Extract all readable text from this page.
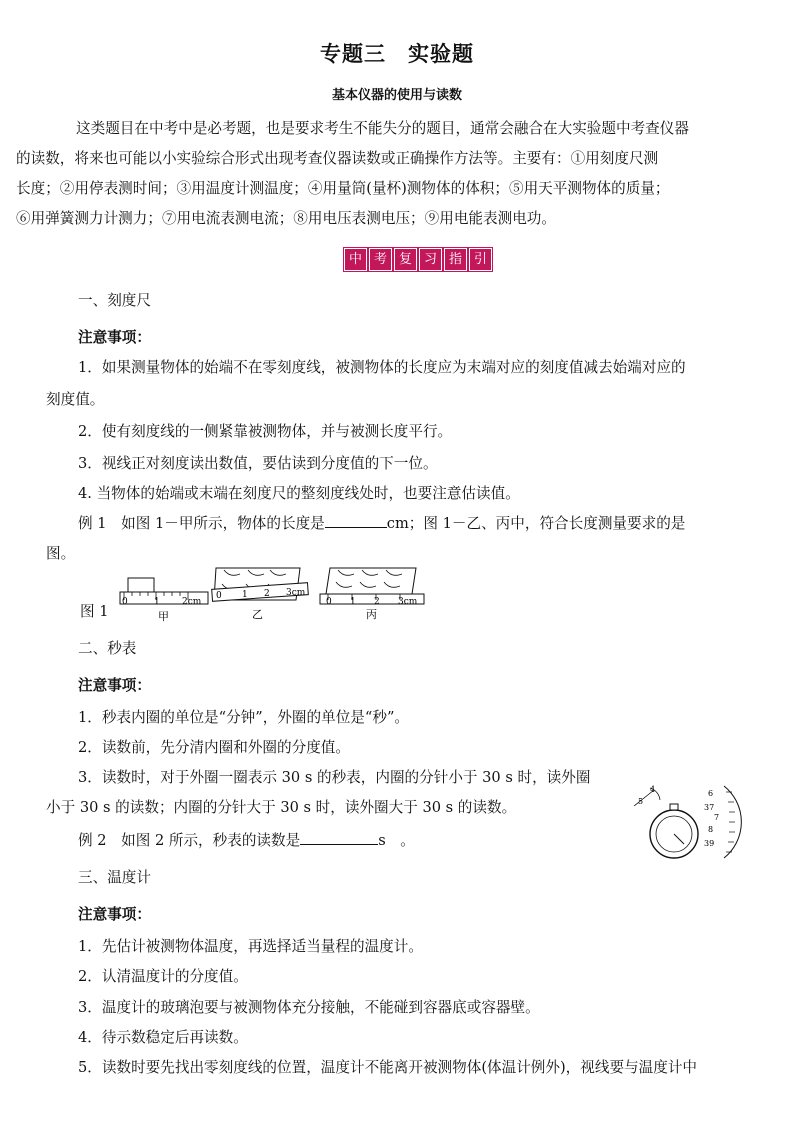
专题三　实验题
基本仪器的使用与读数
这类题目在中考中是必考题，也是要求考生不能失分的题目，通常会融合在大实验题中考查仪器
的读数，将来也可能以小实验综合形式出现考查仪器读数或正确操作方法等。主要有：①用刻度尺测
长度；②用停表测时间；③用温度计测温度；④用量筒(量杯)测物体的体积；⑤用天平测物体的质量；
⑥用弹簧测力计测力；⑦用电流表测电流；⑧用电压表测电压；⑨用电能表测电功。
中 考 复 习 指 引
一、刻度尺
注意事项：
1．如果测量物体的始端不在零刻度线，被测物体的长度应为末端对应的刻度值减去始端对应的
刻度值。
2．使有刻度线的一侧紧靠被测物体，并与被测长度平行。
3．视线正对刻度读出数值，要估读到分度值的下一位。
4. 当物体的始端或末端在刻度尺的整刻度线处时，也要注意估读值。
例 1　如图 1－甲所示，物体的长度是	cm；图 1－乙、丙中，符合长度测量要求的是
图。
图 1
0	1 2cm
甲
0 1 2 3cm
乙
0 1 2 3cm
丙
二、秒表
注意事项：
1．秒表内圈的单位是“分钟”，外圈的单位是“秒”。
2．读数前，先分清内圈和外圈的分度值。
3．读数时，对于外圈一圈表示 30 s 的秒表，内圈的分针小于 30 s 时，读外圈
小于 30 s 的读数；内圈的分针大于 30 s 时，读外圈大于 30 s 的读数。
例 2　如图 2 所示，秒表的读数是	s　。
5
4	6
37
7
8
39
三、温度计
注意事项：
1．先估计被测物体温度，再选择适当量程的温度计。
2．认清温度计的分度值。
3．温度计的玻璃泡要与被测物体充分接触，不能碰到容器底或容器壁。
4．待示数稳定后再读数。
5．读数时要先找出零刻度线的位置，温度计不能离开被测物体(体温计例外)，视线要与温度计中
